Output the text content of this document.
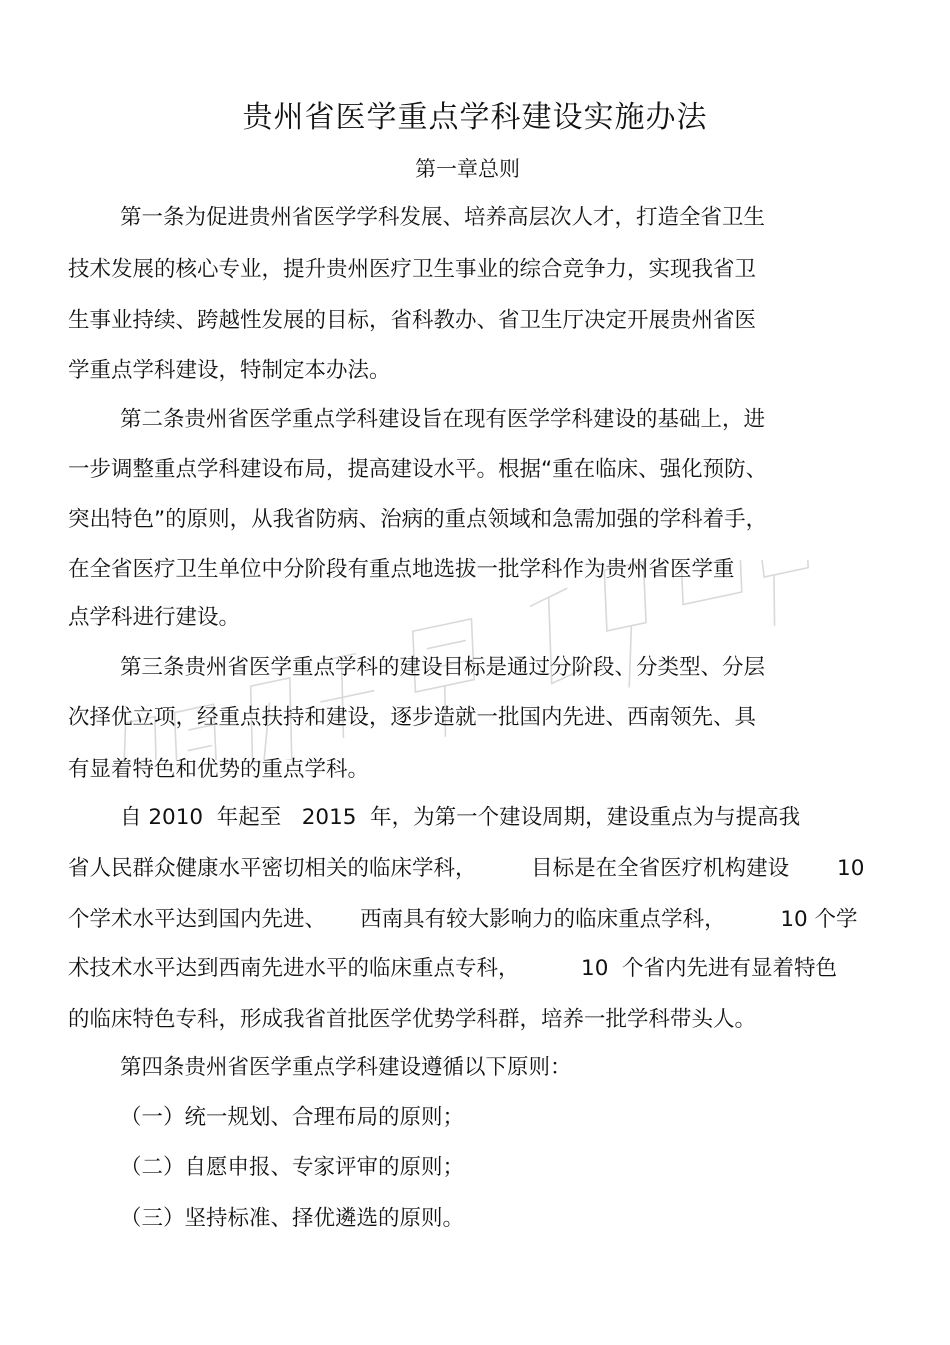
贵州省医学重点学科建设实施办法
第一章总则
第一条为促进贵州省医学学科发展、培养高层次人才，打造全省卫生
技术发展的核心专业，提升贵州医疗卫生事业的综合竞争力，实现我省卫
生事业持续、跨越性发展的目标，省科教办、省卫生厅决定开展贵州省医
学重点学科建设，特制定本办法。
第二条贵州省医学重点学科建设旨在现有医学学科建设的基础上，进
一步调整重点学科建设布局，提高建设水平。根据“重在临床、强化预防、
突出特色”的原则，从我省防病、治病的重点领域和急需加强的学科着手，
在全省医疗卫生单位中分阶段有重点地选拔一批学科作为贵州省医学重
点学科进行建设。
第三条贵州省医学重点学科的建设目标是通过分阶段、分类型、分层
次择优立项，经重点扶持和建设，逐步造就一批国内先进、西南领先、具
有显着特色和优势的重点学科。
自 2010  年起至   2015  年，为第一个建设周期，建设重点为与提高我
省人民群众健康水平密切相关的临床学科，        目标是在全省医疗机构建设       10
个学术水平达到国内先进、     西南具有较大影响力的临床重点学科，        10 个学
术技术水平达到西南先进水平的临床重点专科，         10  个省内先进有显着特色
的临床特色专科，形成我省首批医学优势学科群，培养一批学科带头人。
第四条贵州省医学重点学科建设遵循以下原则：
（一）统一规划、合理布局的原则；
（二）自愿申报、专家评审的原则；
（三）坚持标准、择优遴选的原则。
